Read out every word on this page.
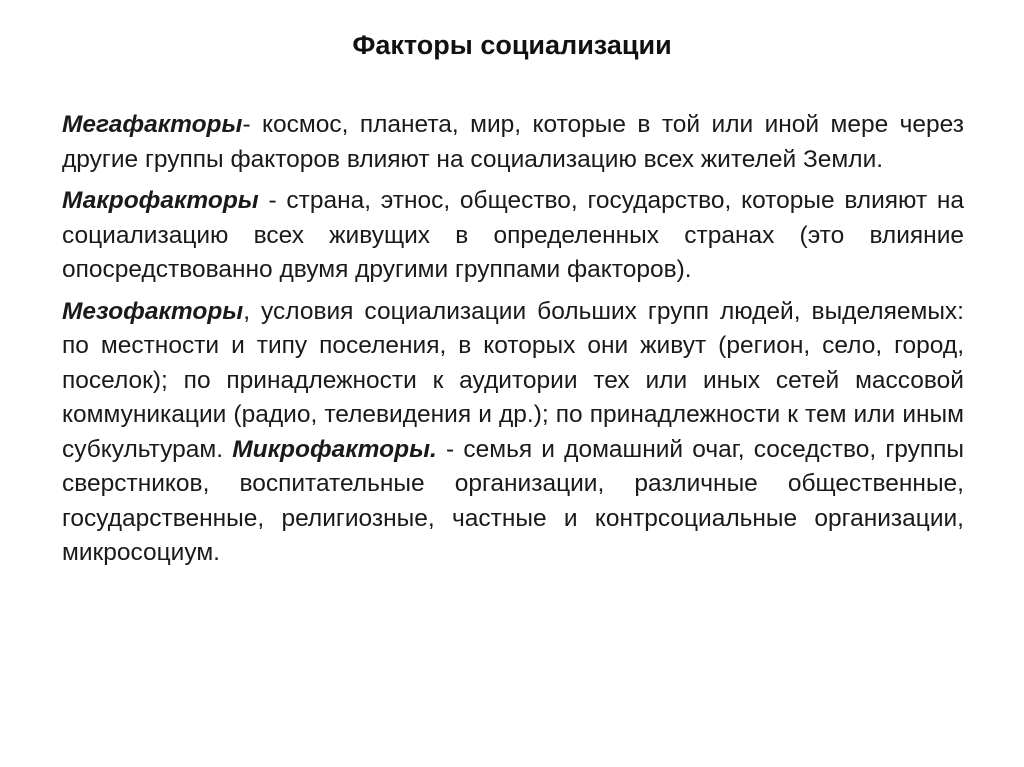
Факторы социализации

Мегафакторы- космос, планета, мир, которые в той или иной мере через другие группы факторов влияют на социализацию всех жителей Земли.

Макрофакторы - страна, этнос, общество, государство, которые влияют на социализацию всех живущих в определенных странах (это влияние опосредствованно двумя другими группами факторов).

Мезофакторы, условия социализации больших групп людей, выделяемых: по местности и типу поселения, в которых они живут (регион, село, город, поселок); по принадлежности к аудитории тех или иных сетей массовой коммуникации (радио, телевидения и др.); по принадлежности к тем или иным субкультурам. Микрофакторы. - семья и домашний очаг, соседство, группы сверстников, воспитательные организации, различные общественные, государственные, религиозные, частные и контрсоциальные организации, микросоциум.
